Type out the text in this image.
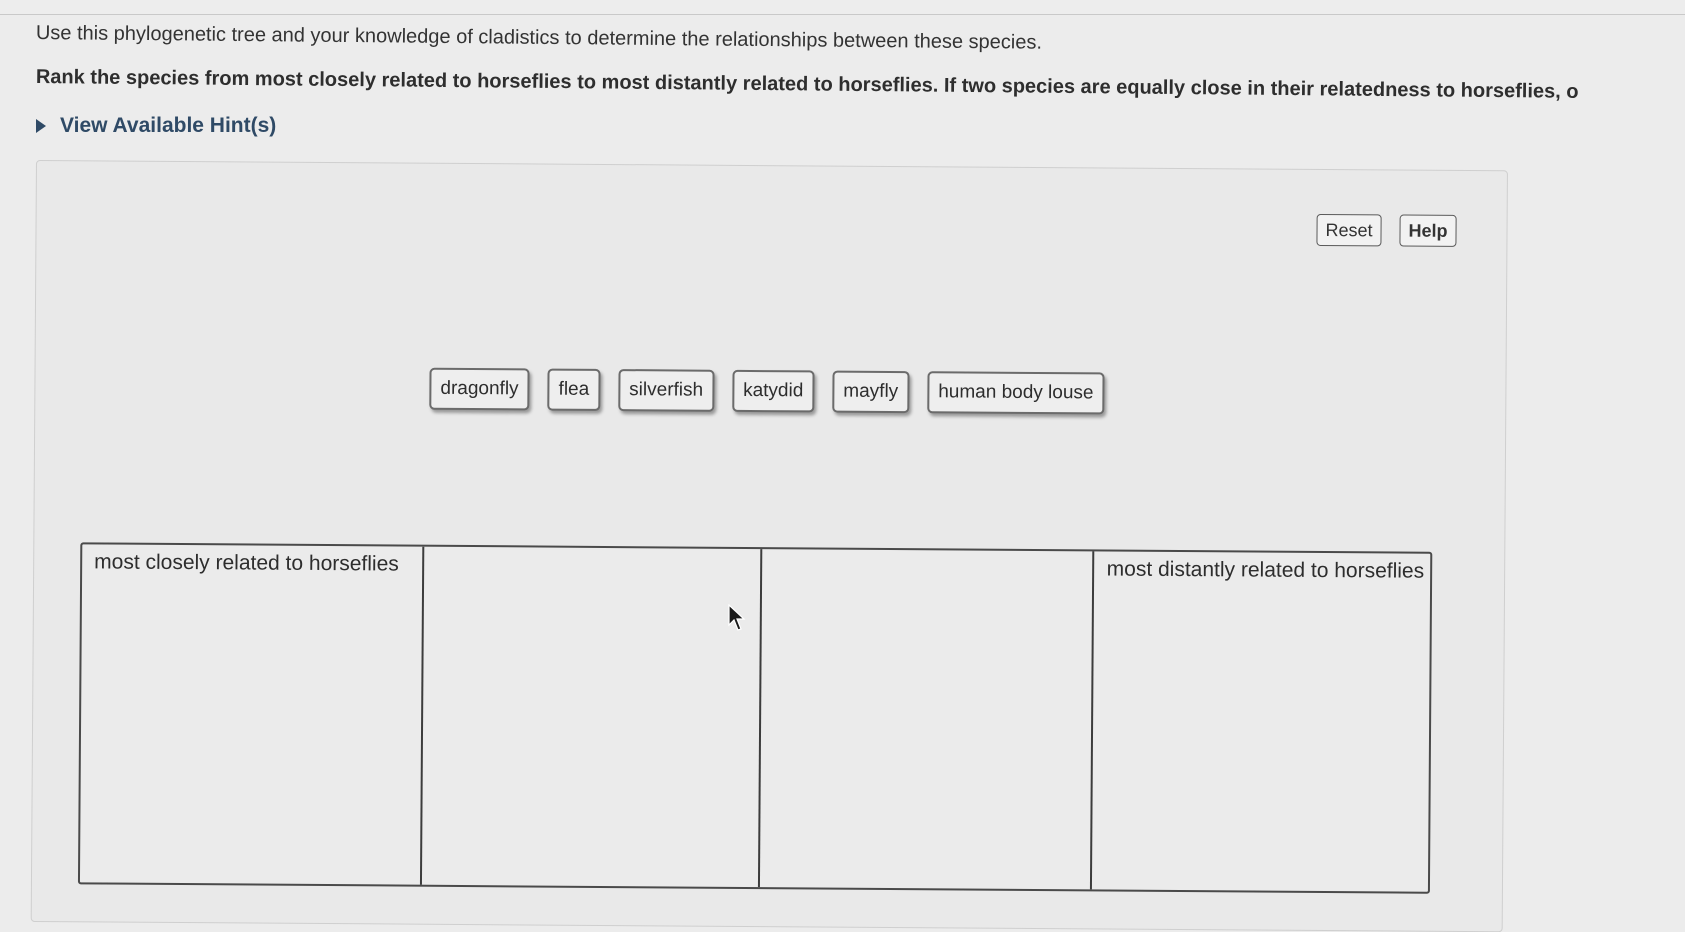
Use this phylogenetic tree and your knowledge of cladistics to determine the relationships between these species.
Rank the species from most closely related to horseflies to most distantly related to horseflies. If two species are equally close in their relatedness to horseflies, o
View Available Hint(s)
Reset	Help
dragonfly	flea	silverfish	katydid	mayfly	human body louse
most closely related to horseflies	most distantly related to horseflies
